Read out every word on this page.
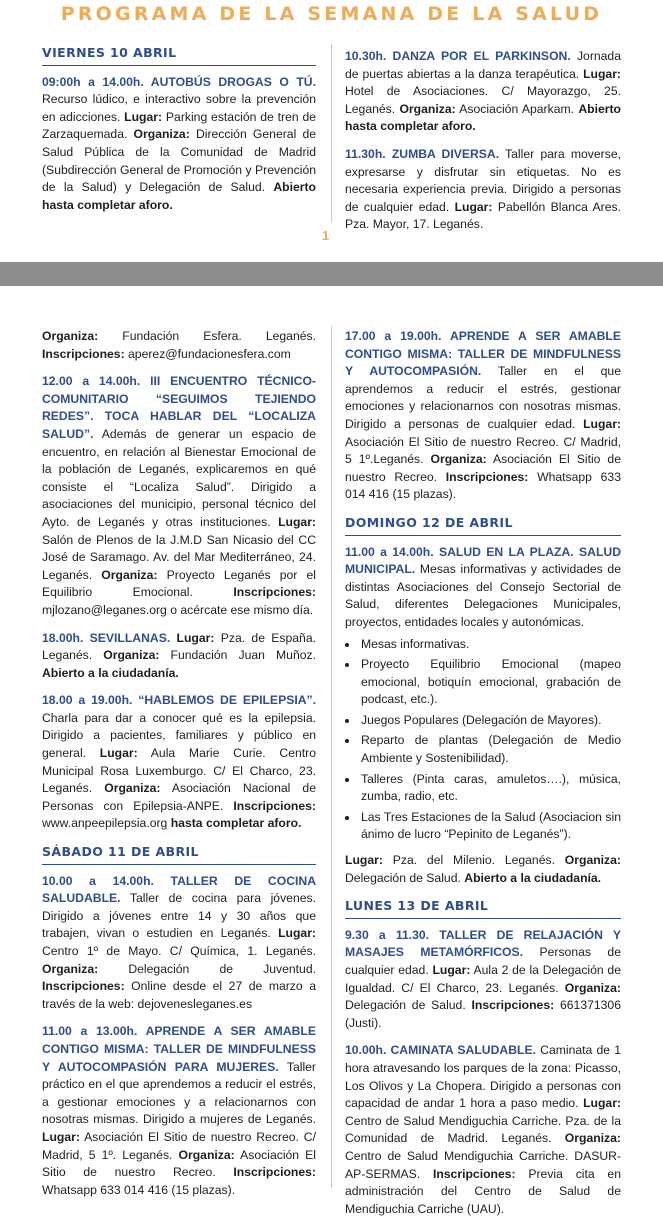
PROGRAMA DE LA SEMANA DE LA SALUD
VIERNES 10 ABRIL

09:00h a 14.00h. AUTOBÚS DROGAS O TÚ. Recurso lúdico, e interactivo sobre la prevención en adicciones. Lugar: Parking estación de tren de Zarzaquemada. Organiza: Dirección General de Salud Pública de la Comunidad de Madrid (Subdirección General de Promoción y Prevención de la Salud) y Delegación de Salud. Abierto hasta completar aforo.

10.30h. DANZA POR EL PARKINSON. Jornada de puertas abiertas a la danza terapéutica. Lugar: Hotel de Asociaciones. C/ Mayorazgo, 25. Leganés. Organiza: Asociación Aparkam. Abierto hasta completar aforo.

11.30h. ZUMBA DIVERSA. Taller para moverse, expresarse y disfrutar sin etiquetas. No es necesaria experiencia previa. Dirigido a personas de cualquier edad. Lugar: Pabellón Blanca Ares. Pza. Mayor, 17. Leganés.

1

Organiza: Fundación Esfera. Leganés. Inscripciones: aperez@fundacionesfera.com

12.00 a 14.00h. III ENCUENTRO TÉCNICO-COMUNITARIO “SEGUIMOS TEJIENDO REDES”. TOCA HABLAR DEL “LOCALIZA SALUD”. Además de generar un espacio de encuentro, en relación al Bienestar Emocional de la población de Leganés, explicaremos en qué consiste el “Localiza Salud”. Dirigido a asociaciones del municipio, personal técnico del Ayto. de Leganés y otras instituciones. Lugar: Salón de Plenos de la J.M.D San Nicasio del CC José de Saramago. Av. del Mar Mediterráneo, 24. Leganés. Organiza: Proyecto Leganés por el Equilibrio Emocional. Inscripciones: mjlozano@leganes.org o acércate ese mismo día.

18.00h. SEVILLANAS. Lugar: Pza. de España. Leganés. Organiza: Fundación Juan Muñoz. Abierto a la ciudadanía.

18.00 a 19.00h. “HABLEMOS DE EPILEPSIA”. Charla para dar a conocer qué es la epilepsia. Dirigido a pacientes, familiares y público en general. Lugar: Aula Marie Curie. Centro Municipal Rosa Luxemburgo. C/ El Charco, 23. Leganés. Organiza: Asociación Nacional de Personas con Epilepsia-ANPE. Inscripciones: www.anpeepilepsia.org hasta completar aforo.

SÁBADO 11 DE ABRIL

10.00 a 14.00h. TALLER DE COCINA SALUDABLE. Taller de cocina para jóvenes. Dirigido a jóvenes entre 14 y 30 años que trabajen, vivan o estudien en Leganés. Lugar: Centro 1º de Mayo. C/ Química, 1. Leganés. Organiza: Delegación de Juventud. Inscripciones: Online desde el 27 de marzo a través de la web: dejovenesleganes.es

11.00 a 13.00h. APRENDE A SER AMABLE CONTIGO MISMA: TALLER DE MINDFULNESS Y AUTOCOMPASIÓN PARA MUJERES. Taller práctico en el que aprendemos a reducir el estrés, a gestionar emociones y a relacionarnos con nosotras mismas. Dirigido a mujeres de Leganés. Lugar: Asociación El Sitio de nuestro Recreo. C/ Madrid, 5 1º. Leganés. Organiza: Asociación El Sitio de nuestro Recreo. Inscripciones: Whatsapp 633 014 416 (15 plazas).

17.00 a 19.00h. APRENDE A SER AMABLE CONTIGO MISMA: TALLER DE MINDFULNESS Y AUTOCOMPASIÓN. Taller en el que aprendemos a reducir el estrés, gestionar emociones y relacionarnos con nosotras mismas. Dirigido a personas de cualquier edad. Lugar: Asociación El Sitio de nuestro Recreo. C/ Madrid, 5 1º.Leganés. Organiza: Asociación El Sitio de nuestro Recreo. Inscripciones: Whatsapp 633 014 416 (15 plazas).

DOMINGO 12 DE ABRIL

11.00 a 14.00h. SALUD EN LA PLAZA. SALUD MUNICIPAL. Mesas informativas y actividades de distintas Asociaciones del Consejo Sectorial de Salud, diferentes Delegaciones Municipales, proyectos, entidades locales y autonómicas.

• Mesas informativas.
• Proyecto Equilibrio Emocional (mapeo emocional, botiquín emocional, grabación de podcast, etc.).
• Juegos Populares (Delegación de Mayores).
• Reparto de plantas (Delegación de Medio Ambiente y Sostenibilidad).
• Talleres (Pinta caras, amuletos….), música, zumba, radio, etc.
• Las Tres Estaciones de la Salud (Asociacion sin ánimo de lucro “Pepinito de Leganés”).

Lugar: Pza. del Milenio. Leganés. Organiza: Delegación de Salud. Abierto a la ciudadanía.

LUNES 13 DE ABRIL

9.30 a 11.30. TALLER DE RELAJACIÓN Y MASAJES METAMÓRFICOS. Personas de cualquier edad. Lugar: Aula 2 de la Delegación de Igualdad. C/ El Charco, 23. Leganés. Organiza: Delegación de Salud. Inscripciones: 661371306 (Justi).

10.00h. CAMINATA SALUDABLE. Caminata de 1 hora atravesando los parques de la zona: Picasso, Los Olivos y La Chopera. Dirigido a personas con capacidad de andar 1 hora a paso medio. Lugar: Centro de Salud Mendiguchia Carriche. Pza. de la Comunidad de Madrid. Leganés. Organiza: Centro de Salud Mendiguchia Carriche. DASUR-AP-SERMAS. Inscripciones: Previa cita en administración del Centro de Salud de Mendiguchia Carriche (UAU).
